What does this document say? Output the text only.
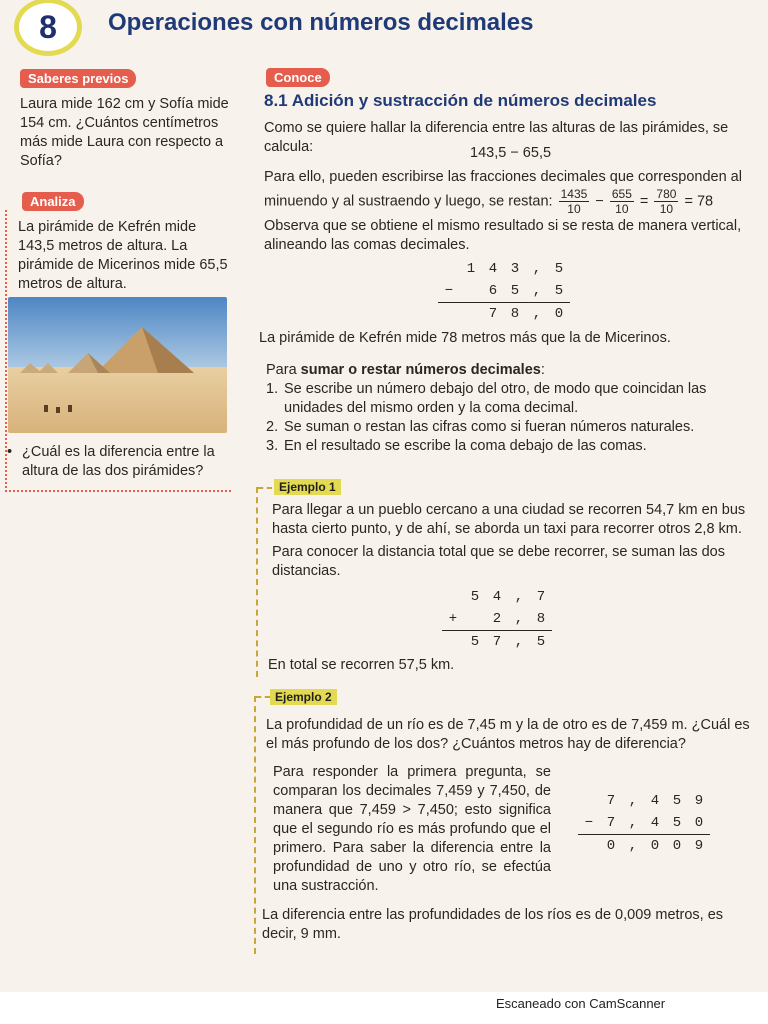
8 Operaciones con números decimales
Saberes previos
Laura mide 162 cm y Sofía mide 154 cm. ¿Cuántos centímetros más mide Laura con respecto a Sofía?
Analiza
La pirámide de Kefrén mide 143,5 metros de altura. La pirámide de Micerinos mide 65,5 metros de altura.
• ¿Cuál es la diferencia entre la altura de las dos pirámides?
Conoce
8.1 Adición y sustracción de números decimales
Como se quiere hallar la diferencia entre las alturas de las pirámides, se calcula:	143,5 − 65,5
Para ello, pueden escribirse las fracciones decimales que corresponden al minuendo y al sustraendo y luego, se restan: $\frac{1435}{10} - \frac{655}{10} = \frac{780}{10} = 78$
Observa que se obtiene el mismo resultado si se resta de manera vertical, alineando las comas decimales.
	1	4	3	,	5
−		6	5	,	5
		7	8	,	0
La pirámide de Kefrén mide 78 metros más que la de Micerinos.
Para sumar o restar números decimales:
1. Se escribe un número debajo del otro, de modo que coincidan las unidades del mismo orden y la coma decimal.
2. Se suman o restan las cifras como si fueran números naturales.
3. En el resultado se escribe la coma debajo de las comas.
Ejemplo 1
Para llegar a un pueblo cercano a una ciudad se recorren 54,7 km en bus hasta cierto punto, y de ahí, se aborda un taxi para recorrer otros 2,8 km.
Para conocer la distancia total que se debe recorrer, se suman las dos distancias.
	5	4	,	7
+		2	,	8
	5	7	,	5
En total se recorren 57,5 km.
Ejemplo 2
La profundidad de un río es de 7,45 m y la de otro es de 7,459 m. ¿Cuál es el más profundo de los dos? ¿Cuántos metros hay de diferencia?
Para responder la primera pregunta, se comparan los decimales 7,459 y 7,450, de manera que 7,459 > 7,450; esto significa que el segundo río es más profundo que el primero. Para saber la diferencia entre la profundidad de uno y otro río, se efectúa una sustracción.
	7	,	4	5	9
−	7	,	4	5	0
	0	,	0	0	9
La diferencia entre las profundidades de los ríos es de 0,009 metros, es decir, 9 mm.
Escaneado con CamScanner
